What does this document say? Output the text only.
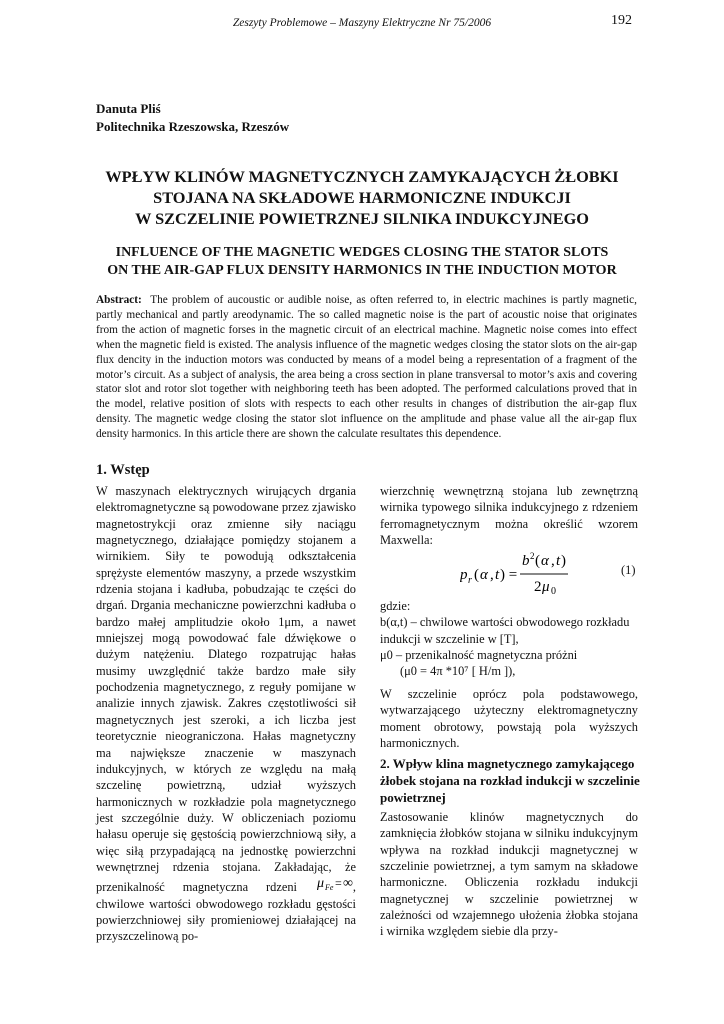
Zeszyty Problemowe – Maszyny Elektryczne Nr 75/2006	192
Danuta Pliś
Politechnika Rzeszowska, Rzeszów
WPŁYW KLINÓW MAGNETYCZNYCH ZAMYKAJĄCYCH ŻŁOBKI
STOJANA NA SKŁADOWE HARMONICZNE INDUKCJI
W SZCZELINIE POWIETRZNEJ SILNIKA INDUKCYJNEGO
INFLUENCE OF THE MAGNETIC WEDGES CLOSING THE STATOR SLOTS
ON THE AIR-GAP FLUX DENSITY HARMONICS IN THE INDUCTION MOTOR
Abstract: The problem of aucoustic or audible noise, as often referred to, in electric machines is partly magnetic, partly mechanical and partly areodynamic. The so called magnetic noise is the part of acoustic noise that originates from the action of magnetic forses in the magnetic circuit of an electrical machine. Magnetic noise comes into effect when the magnetic field is existed. The analysis influence of the magnetic wedges closing the stator slots on the air-gap flux dencity in the induction motors was conducted by means of a model being a representation of a fragment of the motor’s circuit. As a subject of analysis, the area being a cross section in plane transversal to motor’s axis and covering stator slot and rotor slot together with neighboring teeth has been adopted. The performed calculations proved that in the model, relative position of slots with respects to each other results in changes of distribution the air-gap flux density. The magnetic wedge closing the stator slot influence on the amplitude and phase value all the air-gap flux density harmonics. In this article there are shown the calculate resultates this dependence.
1. Wstęp

W maszynach elektrycznych wirujących drgania elektromagnetyczne są powodowane przez zjawisko magnetostrykcji oraz zmienne siły naciągu magnetycznego, działające pomiędzy stojanem a wirnikiem. Siły te powodują odkształcenia sprężyste elementów maszyny, a przede wszystkim rdzenia stojana i kadłuba, pobudzając te części do drgań. Drgania mechaniczne powierzchni kadłuba o bardzo małej amplitudzie około 1μm, a nawet mniejszej mogą powodować fale dźwiękowe o dużym natężeniu. Dlatego rozpatrując hałas musimy uwzględnić także bardzo małe siły pochodzenia magnetycznego, z reguły pomijane w analizie innych zjawisk. Zakres częstotliwości sił magnetycznych jest szeroki, a ich liczba jest teoretycznie nieograniczona. Hałas magnetyczny ma największe znaczenie w maszynach indukcyjnych, w których ze względu na małą szczelinę powietrzną, udział wyższych harmonicznych w rozkładzie pola magnetycznego jest szczególnie duży. W obliczeniach poziomu hałasu operuje się gęstością powierzchniową siły, a więc siłą przypadającą na jednostkę powierzchni wewnętrznej rdzenia stojana. Zakładając, że przenikalność magnetyczna rdzeni μ Fe = ∞ , chwilowe wartości obwodowego rozkładu gęstości powierzchniowej siły promieniowej działającej na przyszczelinową po-

wierzchnię wewnętrzną stojana lub zewnętrzną wirnika typowego silnika indukcyjnego z rdzeniem ferromagnetycznym można określić wzorem Maxwella:

p r ( α , t ) =
b 2 ( α , t )
2 μ 0
(1)
gdzie:
b(α,t) – chwilowe wartości obwodowego rozkładu indukcji w szczelinie w [T],
μ0 – przenikalność magnetyczna próżni
(μ0 = 4π *10⁷ [ H/m ]),

W szczelinie oprócz pola podstawowego, wytwarzającego użyteczny elektromagnetyczny moment obrotowy, powstają pola wyższych harmonicznych.

2. Wpływ klina magnetycznego zamykającego żłobek stojana na rozkład indukcji w szczelinie powietrznej

Zastosowanie klinów magnetycznych do zamknięcia żłobków stojana w silniku indukcyjnym wpływa na rozkład indukcji magnetycznej w szczelinie powietrznej, a tym samym na składowe harmoniczne. Obliczenia rozkładu indukcji magnetycznej w szczelinie powietrznej w zależności od wzajemnego ułożenia żłobka stojana i wirnika względem siebie dla przy-
